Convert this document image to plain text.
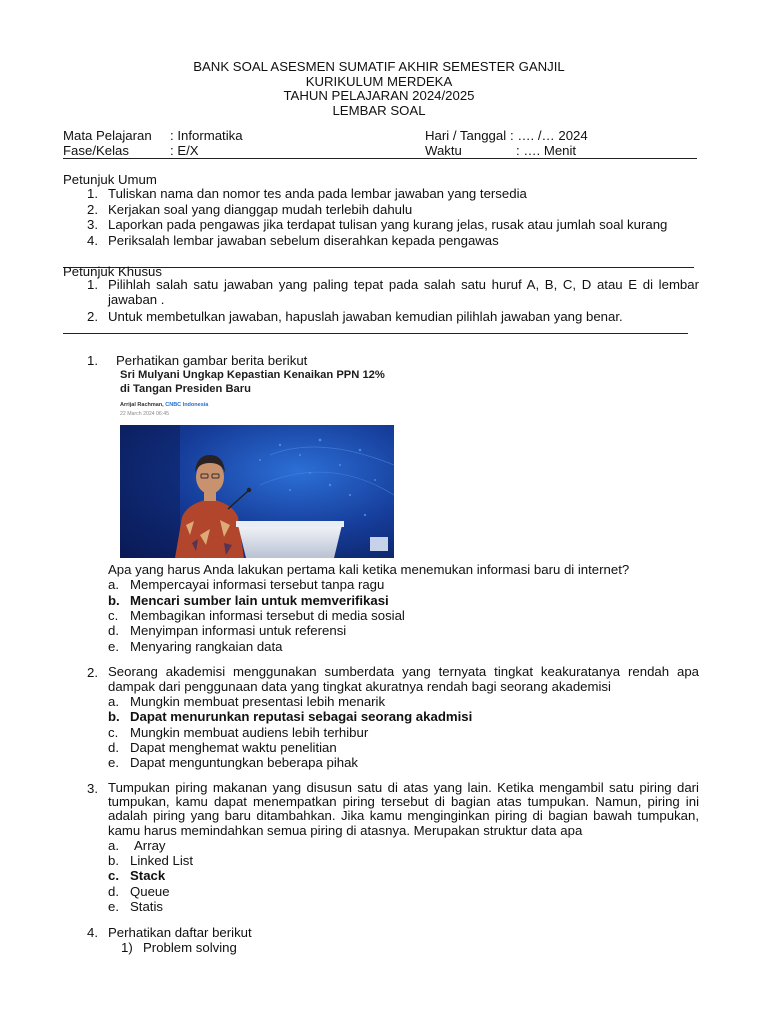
BANK SOAL ASESMEN SUMATIF AKHIR SEMESTER GANJIL
KURIKULUM MERDEKA
TAHUN PELAJARAN 2024/2025
LEMBAR SOAL
Mata Pelajaran : Informatika	Hari / Tanggal : …. /… 2024
Fase/Kelas	: E/X	Waktu	: …. Menit
Petunjuk Umum
1. Tuliskan nama dan nomor tes anda pada lembar jawaban yang tersedia
2. Kerjakan soal yang dianggap mudah terlebih dahulu
3. Laporkan pada pengawas jika terdapat tulisan yang kurang jelas, rusak atau jumlah soal kurang
4. Periksalah lembar jawaban sebelum diserahkan kepada pengawas
Petunjuk Khusus
1. Pilihlah salah satu jawaban yang paling tepat pada salah satu huruf A, B, C, D atau E di lembar jawaban .
2. Untuk membetulkan jawaban, hapuslah jawaban kemudian pilihlah jawaban yang benar.
1. Perhatikan gambar berita berikut
Sri Mulyani Ungkap Kepastian Kenaikan PPN 12%
di Tangan Presiden Baru
Arrijal Rachman, CNBC Indonesia
22 March 2024 06:45
Apa yang harus Anda lakukan pertama kali ketika menemukan informasi baru di internet?
a. Mempercayai informasi tersebut tanpa ragu
b. Mencari sumber lain untuk memverifikasi
c. Membagikan informasi tersebut di media sosial
d. Menyimpan informasi untuk referensi
e. Menyaring rangkaian data
2. Seorang akademisi menggunakan sumberdata yang ternyata tingkat keakuratanya rendah apa dampak dari penggunaan data yang tingkat akuratnya rendah bagi seorang akademisi
a. Mungkin membuat presentasi lebih menarik
b. Dapat menurunkan reputasi sebagai seorang akadmisi
c. Mungkin membuat audiens lebih terhibur
d. Dapat menghemat waktu penelitian
e. Dapat menguntungkan beberapa pihak
3. Tumpukan piring makanan yang disusun satu di atas yang lain. Ketika mengambil satu piring dari tumpukan, kamu dapat menempatkan piring tersebut di bagian atas tumpukan. Namun, piring ini adalah piring yang baru ditambahkan. Jika kamu menginginkan piring di bagian bawah tumpukan, kamu harus memindahkan semua piring di atasnya. Merupakan struktur data apa
a. Array
b. Linked List
c. Stack
d. Queue
e. Statis
4. Perhatikan daftar berikut
1) Problem solving
